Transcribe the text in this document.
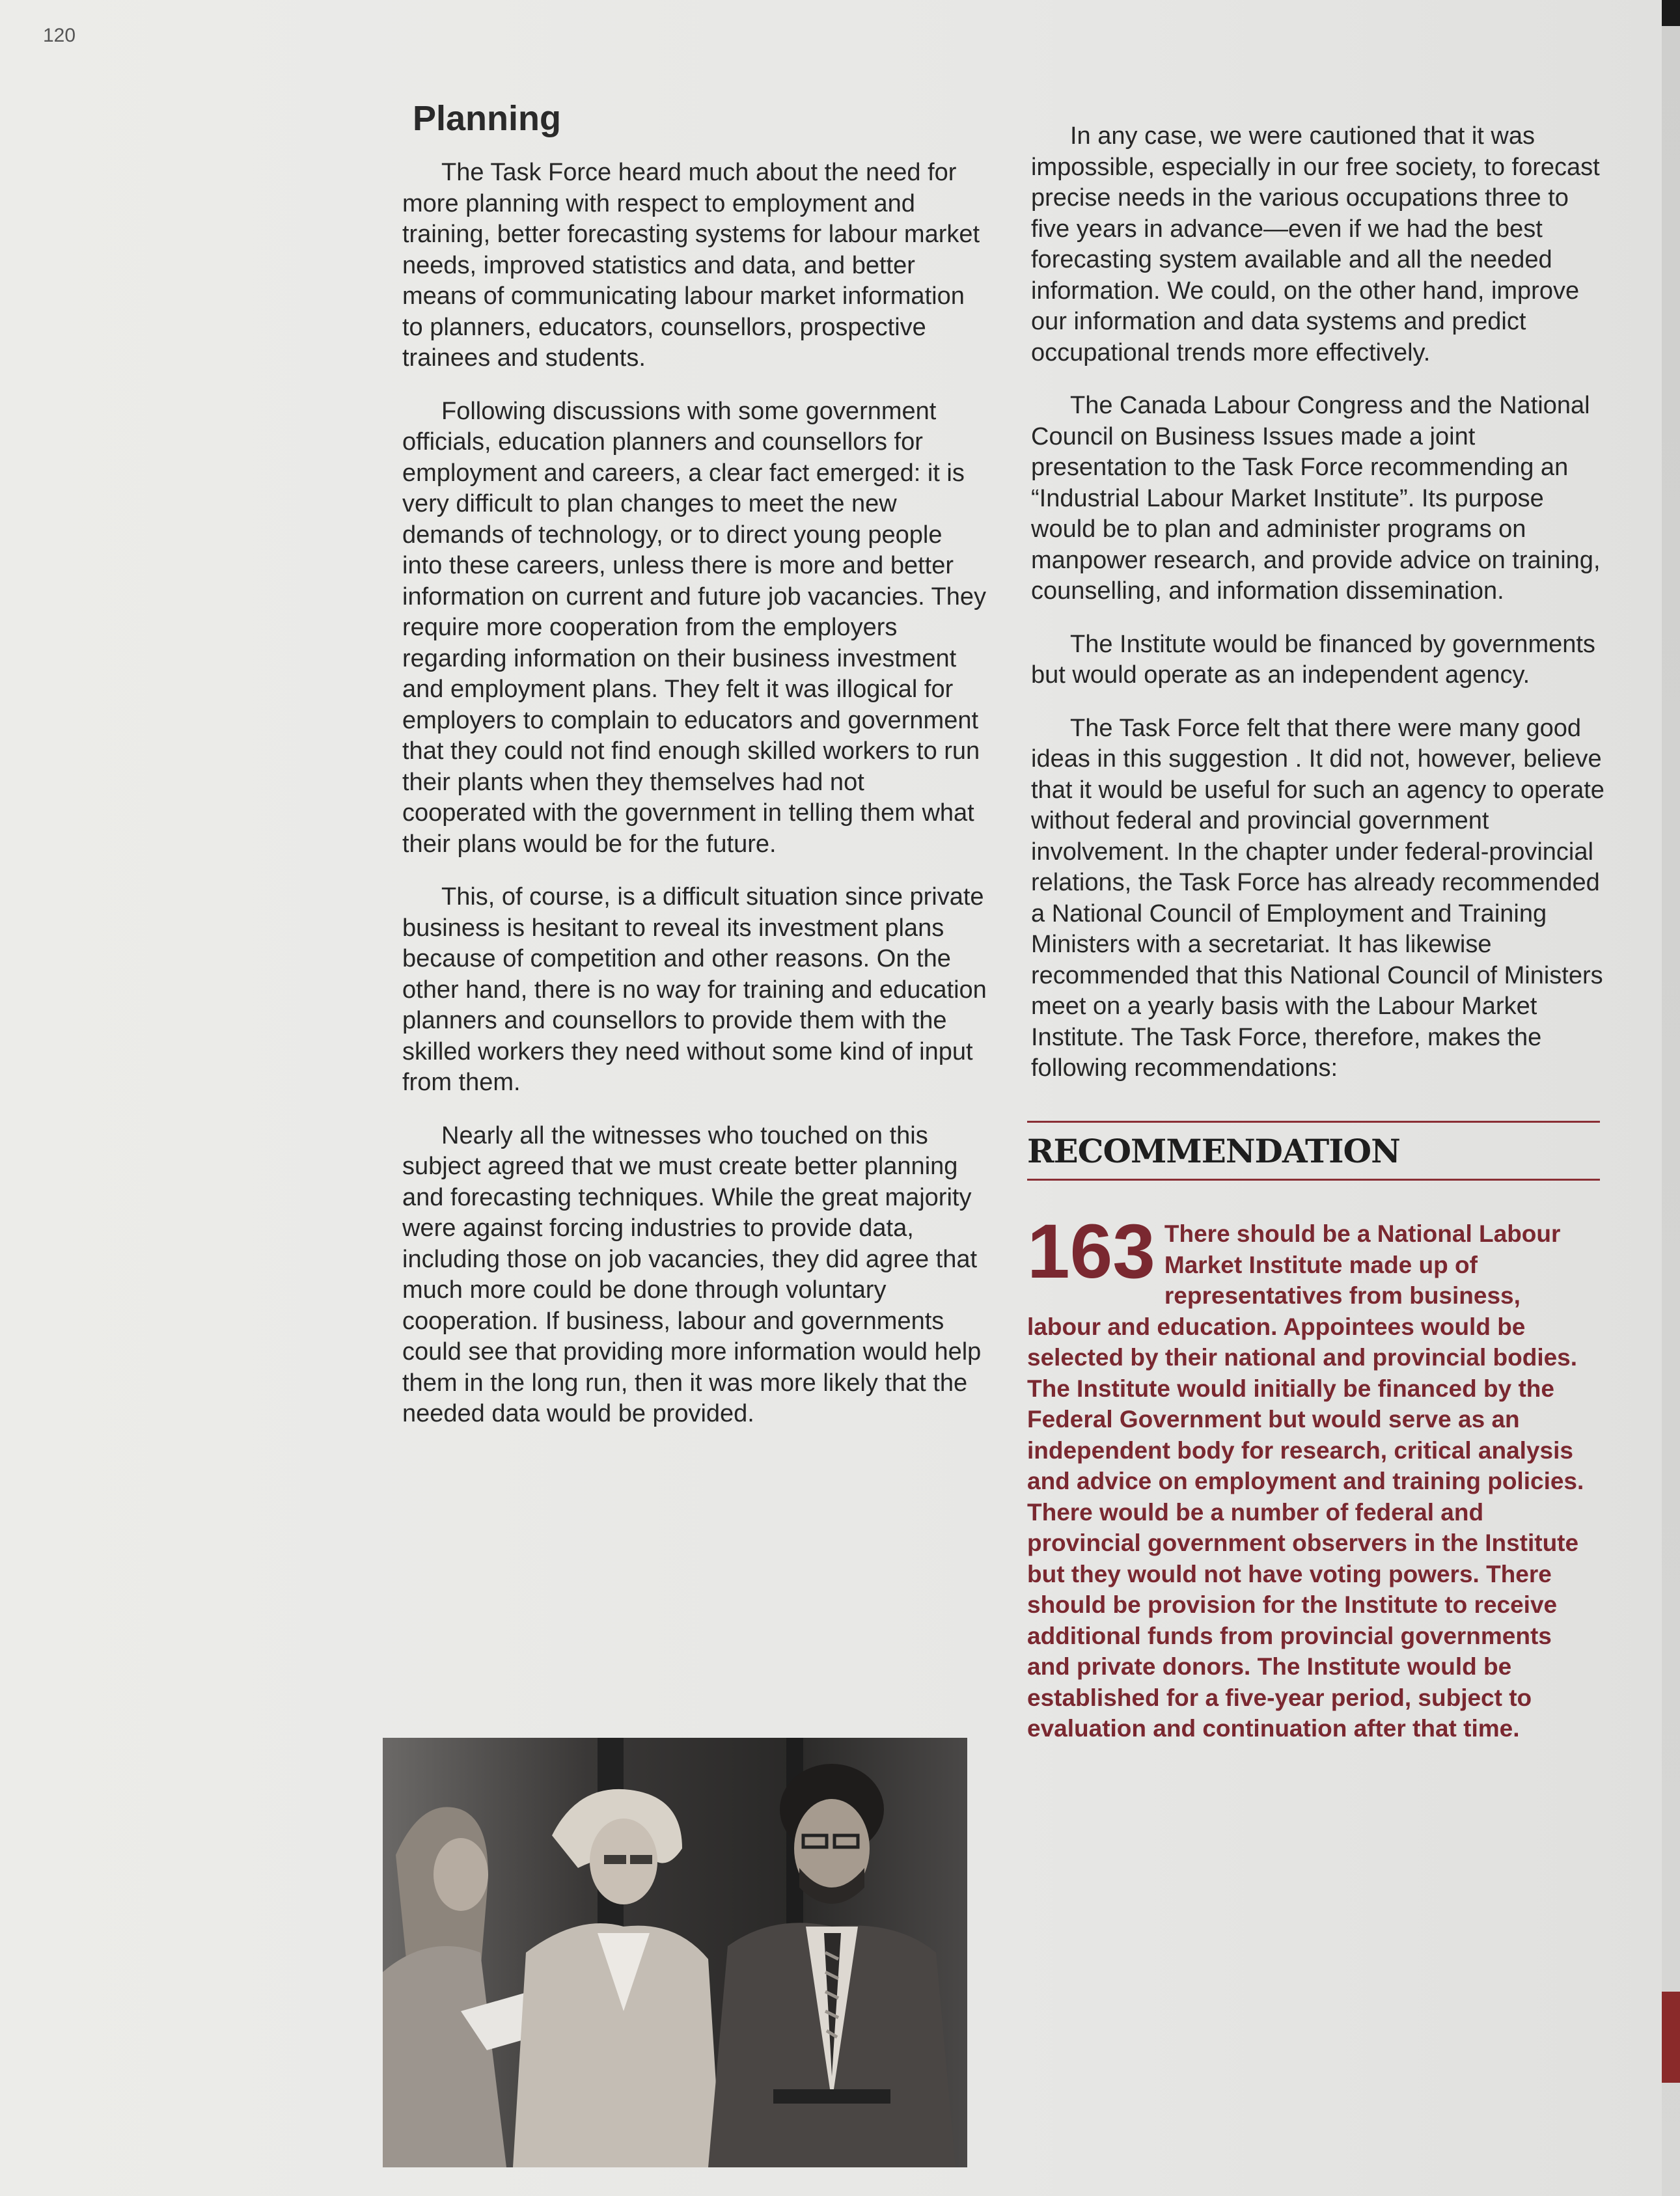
120
Planning

The Task Force heard much about the need for more planning with respect to employment and training, better forecasting systems for labour market needs, improved statistics and data, and better means of communicating labour market information to planners, educators, counsellors, prospective trainees and students.

Following discussions with some government officials, education planners and counsellors for employment and careers, a clear fact emerged: it is very difficult to plan changes to meet the new demands of technology, or to direct young people into these careers, unless there is more and better information on current and future job vacancies. They require more cooperation from the employers regarding information on their business investment and employment plans. They felt it was illogical for employers to complain to educators and government that they could not find enough skilled workers to run their plants when they themselves had not cooperated with the government in telling them what their plans would be for the future.

This, of course, is a difficult situation since private business is hesitant to reveal its investment plans because of competition and other reasons. On the other hand, there is no way for training and education planners and counsellors to provide them with the skilled workers they need without some kind of input from them.

Nearly all the witnesses who touched on this subject agreed that we must create better planning and forecasting techniques. While the great majority were against forcing industries to provide data, including those on job vacancies, they did agree that much more could be done through voluntary cooperation. If business, labour and governments could see that providing more information would help them in the long run, then it was more likely that the needed data would be provided.

In any case, we were cautioned that it was impossible, especially in our free society, to forecast precise needs in the various occupations three to five years in advance—even if we had the best forecasting system available and all the needed information. We could, on the other hand, improve our information and data systems and predict occupational trends more effectively.

The Canada Labour Congress and the National Council on Business Issues made a joint presentation to the Task Force recommending an “Industrial Labour Market Institute”. Its purpose would be to plan and administer programs on manpower research, and provide advice on training, counselling, and information dissemination.

The Institute would be financed by governments but would operate as an independent agency.

The Task Force felt that there were many good ideas in this suggestion . It did not, however, believe that it would be useful for such an agency to operate without federal and provincial government involvement. In the chapter under federal-provincial relations, the Task Force has already recommended a National Council of Employment and Training Ministers with a secretariat. It has likewise recommended that this National Council of Ministers meet on a yearly basis with the Labour Market Institute. The Task Force, therefore, makes the following recommendations:

RECOMMENDATION
163 There should be a National Labour Market Institute made up of representatives from business, labour and education. Appointees would be selected by their national and provincial bodies. The Institute would initially be financed by the Federal Government but would serve as an independent body for research, critical analysis and advice on employment and training policies. There would be a number of federal and provincial government observers in the Institute but they would not have voting powers. There should be provision for the Institute to receive additional funds from provincial governments and private donors. The Institute would be established for a five-year period, subject to evaluation and continuation after that time.
